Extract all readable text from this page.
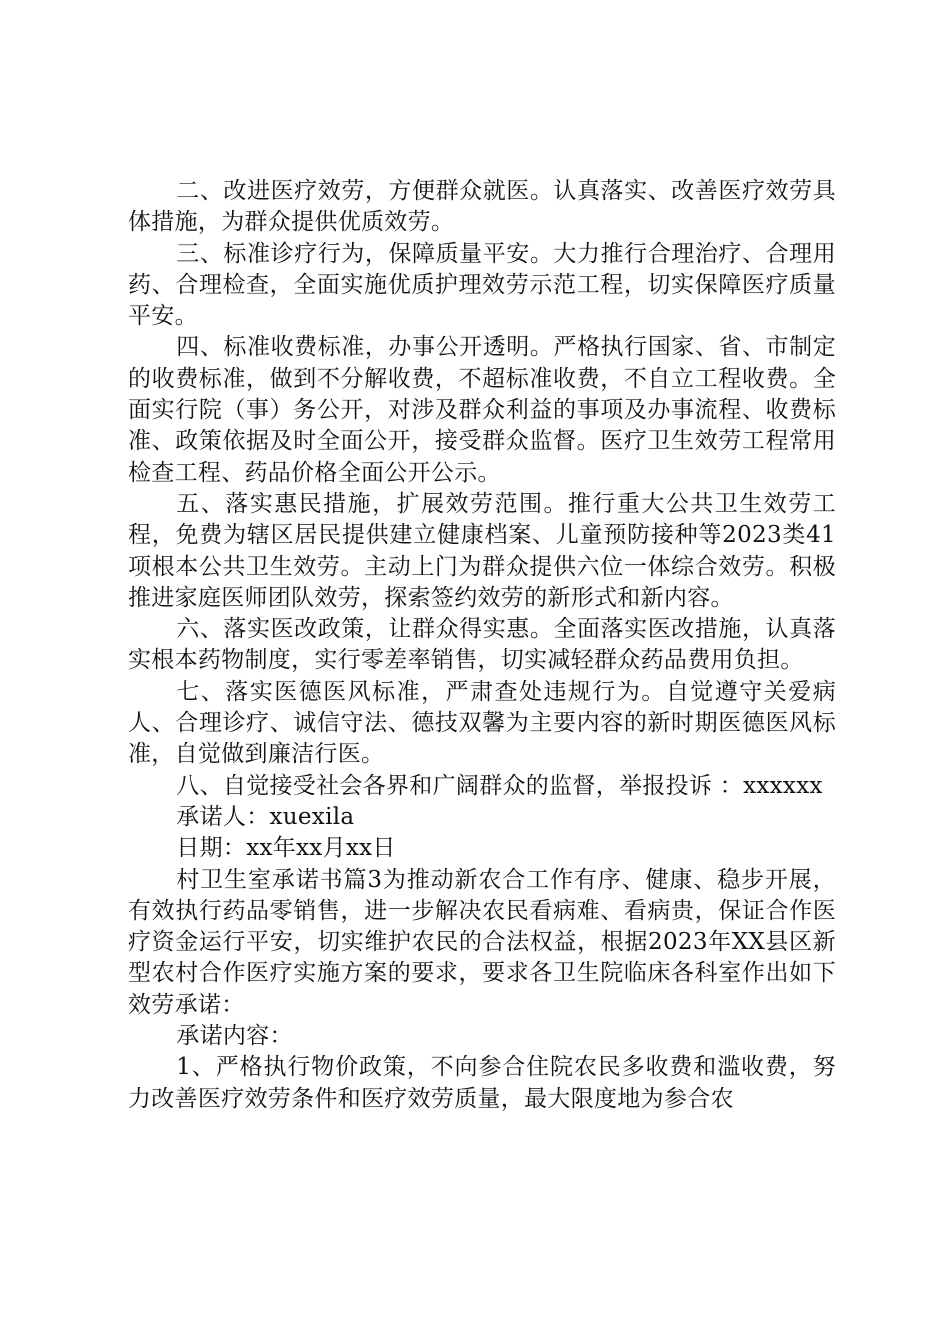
二、改进医疗效劳，方便群众就医。认真落实、改善医疗效劳具体措施，为群众提供优质效劳。

三、标准诊疗行为，保障质量平安。大力推行合理治疗、合理用药、合理检查，全面实施优质护理效劳示范工程，切实保障医疗质量平安。

四、标准收费标准，办事公开透明。严格执行国家、省、市制定的收费标准，做到不分解收费，不超标准收费，不自立工程收费。全面实行院（事）务公开，对涉及群众利益的事项及办事流程、收费标准、政策依据及时全面公开，接受群众监督。医疗卫生效劳工程常用检查工程、药品价格全面公开公示。

五、落实惠民措施，扩展效劳范围。推行重大公共卫生效劳工程，免费为辖区居民提供建立健康档案、儿童预防接种等2023类41项根本公共卫生效劳。主动上门为群众提供六位一体综合效劳。积极推进家庭医师团队效劳，探索签约效劳的新形式和新内容。

六、落实医改政策，让群众得实惠。全面落实医改措施，认真落实根本药物制度，实行零差率销售，切实减轻群众药品费用负担。

七、落实医德医风标准，严肃查处违规行为。自觉遵守关爱病人、合理诊疗、诚信守法、德技双馨为主要内容的新时期医德医风标准，自觉做到廉洁行医。

八、自觉接受社会各界和广阔群众的监督，举报投诉 ：xxxxxx

承诺人：xuexila

日期：xx年xx月xx日

村卫生室承诺书篇3为推动新农合工作有序、健康、稳步开展，有效执行药品零销售，进一步解决农民看病难、看病贵，保证合作医疗资金运行平安，切实维护农民的合法权益，根据2023年XX县区新型农村合作医疗实施方案的要求，要求各卫生院临床各科室作出如下效劳承诺：

承诺内容：

1、严格执行物价政策，不向参合住院农民多收费和滥收费，努力改善医疗效劳条件和医疗效劳质量，最大限度地为参合农
